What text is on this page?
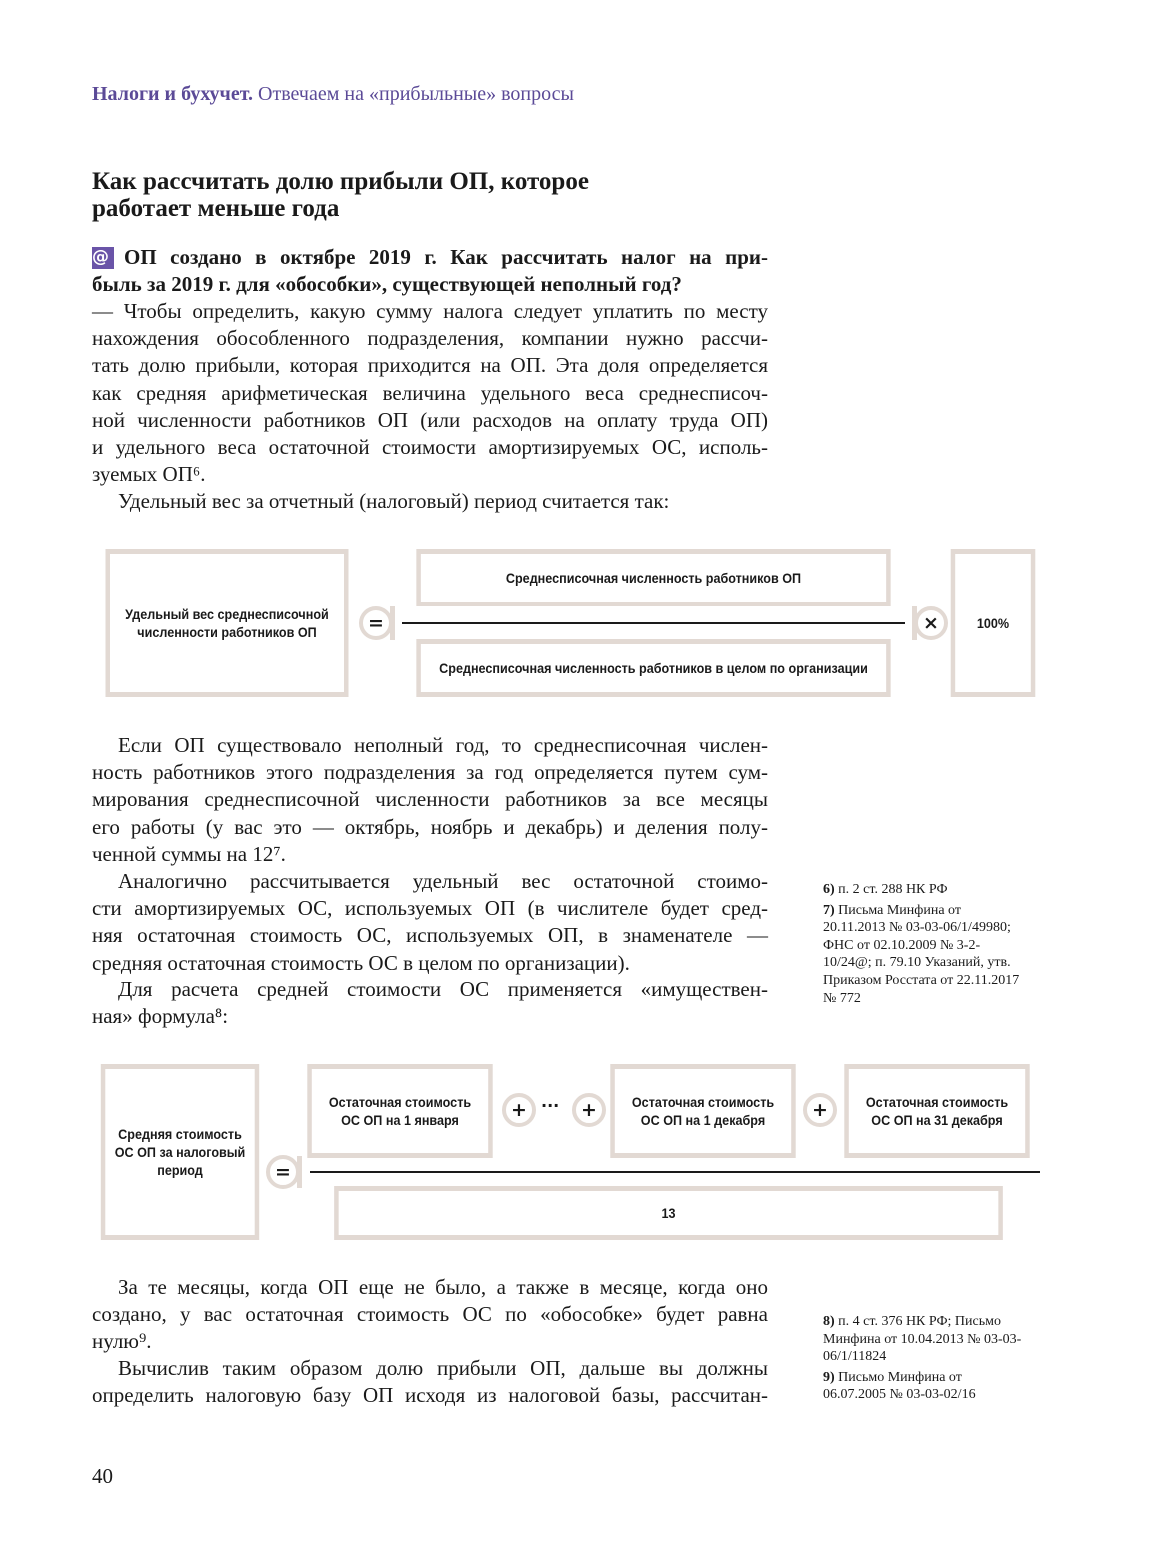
Налоги и бухучет. Отвечаем на «прибыльные» вопросы
Как рассчитать долю прибыли ОП, которое
работает меньше года
@ ОП создано в октябре 2019 г. Как рассчитать налог на при-
быль за 2019 г. для «обособки», существующей неполный год?
— Чтобы определить, какую сумму налога следует уплатить по месту
нахождения обособленного подразделения, компании нужно рассчи-
тать долю прибыли, которая приходится на ОП. Эта доля определяется
как средняя арифметическая величина удельного веса среднесписоч-
ной численности работников ОП (или расходов на оплату труда ОП)
и удельного веса остаточной стоимости амортизируемых ОС, исполь-
зуемых ОП⁶.
Удельный вес за отчетный (налоговый) период считается так:
Удельный вес среднесписочной численности работников ОП
Среднесписочная численность работников ОП
Среднесписочная численность работников в целом по организации
100%
=	×
Если ОП существовало неполный год, то среднесписочная числен-
ность работников этого подразделения за год определяется путем сум-
мирования среднесписочной численности работников за все месяцы
его работы (у вас это — октябрь, ноябрь и декабрь) и деления полу-
ченной суммы на 12⁷.
Аналогично рассчитывается удельный вес остаточной стоимо-
сти амортизируемых ОС, используемых ОП (в числителе будет сред-
няя остаточная стоимость ОС, используемых ОП, в знаменателе —
средняя остаточная стоимость ОС в целом по организации).
Для расчета средней стоимости ОС применяется «имуществен-
ная» формула⁸:
Средняя стоимость ОС ОП за налоговый период
Остаточная стоимость ОС ОП на 1 января
Остаточная стоимость ОС ОП на 1 декабря
Остаточная стоимость ОС ОП на 31 декабря
13
=
+ ···	+	+
За те месяцы, когда ОП еще не было, а также в месяце, когда оно
создано, у вас остаточная стоимость ОС по «обособке» будет равна
нулю⁹.
Вычислив таким образом долю прибыли ОП, дальше вы должны
определить налоговую базу ОП исходя из налоговой базы, рассчитан-

6) п. 2 ст. 288 НК РФ

7) Письма Минфина от 20.11.2013 № 03-03-06/1/49980; ФНС от 02.10.2009 № 3-2-10/24@; п. 79.10 Указаний, утв. Приказом Росстата от 22.11.2017 № 772

8) п. 4 ст. 376 НК РФ; Письмо Минфина от 10.04.2013 № 03-03-06/1/11824

9) Письмо Минфина от 06.07.2005 № 03-03-02/16

40
